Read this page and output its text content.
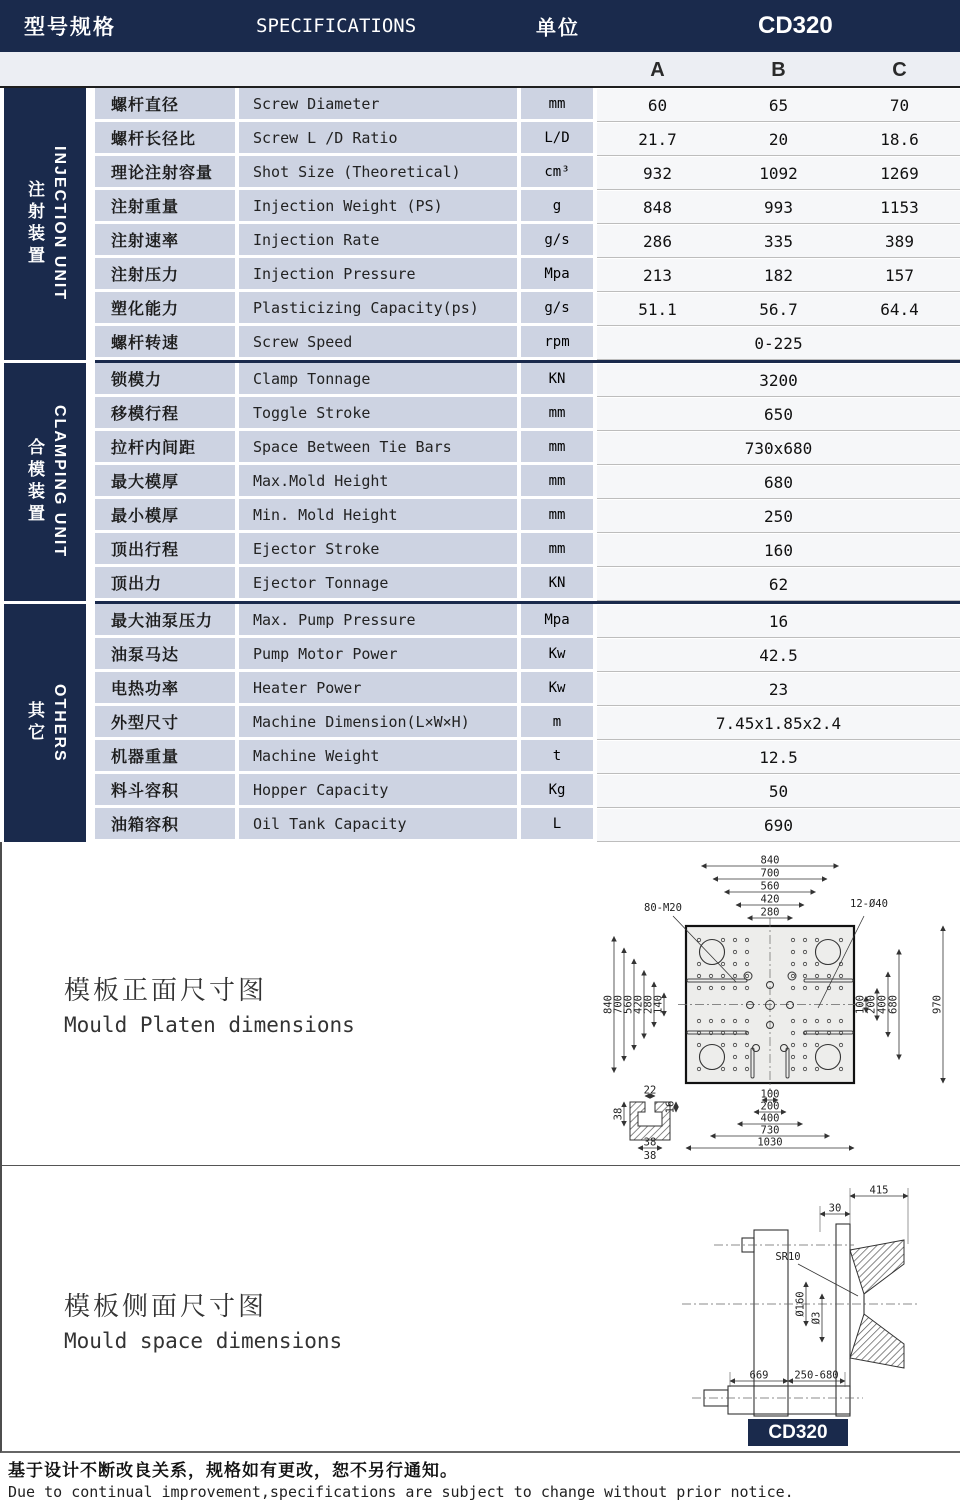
型号规格	SPECIFICATIONS	单位	CD320
A	B	C
注射装置 INJECTION UNIT
螺杆直径	Screw Diameter	mm	60	65	70
螺杆长径比	Screw L /D Ratio	L/D	21.7	20	18.6
理论注射容量	Shot Size (Theoretical)	cm³	932	1092	1269
注射重量	Injection Weight (PS)	g	848	993	1153
注射速率	Injection Rate	g/s	286	335	389
注射压力	Injection Pressure	Mpa	213	182	157
塑化能力	Plasticizing Capacity(ps)	g/s	51.1	56.7	64.4
螺杆转速	Screw Speed	rpm	0-225
合模装置 CLAMPING UNIT
锁模力	Clamp Tonnage	KN	3200
移模行程	Toggle Stroke	mm	650
拉杆内间距	Space Between Tie Bars	mm	730x680
最大模厚	Max.Mold Height	mm	680
最小模厚	Min. Mold Height	mm	250
顶出行程	Ejector Stroke	mm	160
顶出力	Ejector Tonnage	KN	62
其它 OTHERS
最大油泵压力	Max. Pump Pressure	Mpa	16
油泵马达	Pump Motor Power	Kw	42.5
电热功率	Heater Power	Kw	23
外型尺寸	Machine Dimension(L×W×H)	m	7.45x1.85x2.4
机器重量	Machine Weight	t	12.5
料斗容积	Hopper Capacity	Kg	50
油箱容积	Oil Tank Capacity	L	690
模板正面尺寸图
Mould Platen dimensions
840
700
560
420
280
840
700
560
420
280
140	100 200 400 680	970
100
200
400
730
1030
80-M20	12-Ø40
22
16
38
38
38
模板侧面尺寸图
Mould space dimensions
415
30
669 250-680
Ø160
Ø3
SR10
CD320
基于设计不断改良关系，规格如有更改，恕不另行通知。
Due to continual improvement,specifications are subject to change without prior notice.
